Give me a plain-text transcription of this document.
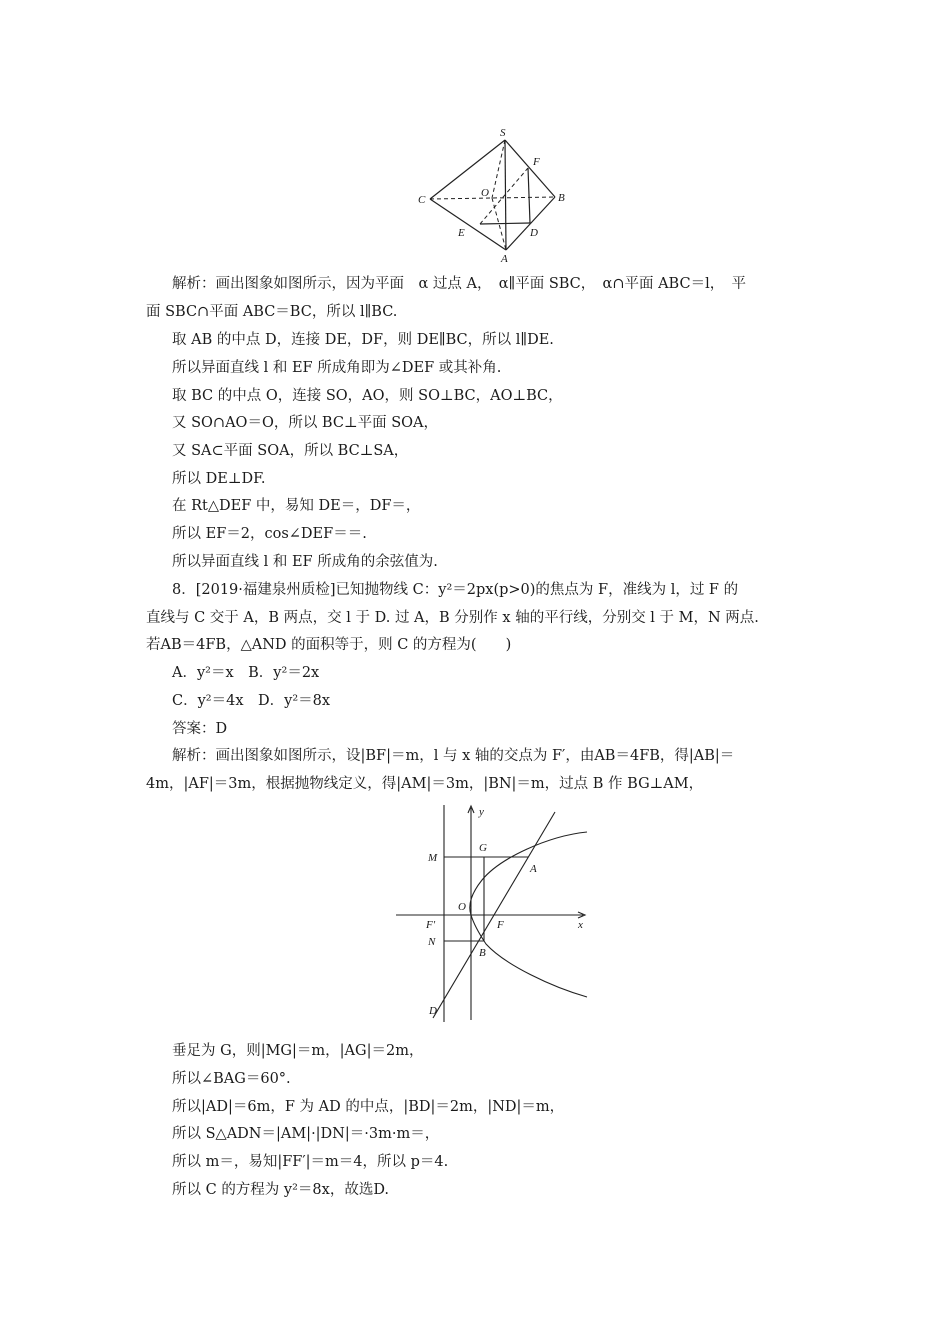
S
F
O
C	B
E	D
A
y
x
M
G
A
O
F
F′
N
B
D
解析：画出图象如图所示，因为平面　α 过点 A，　α∥平面 SBC，　α∩平面 ABC＝l，　平
面 SBC∩平面 ABC＝BC，所以 l∥BC.
取 AB 的中点 D，连接 DE，DF，则 DE∥BC，所以 l∥DE.
所以异面直线 l 和 EF 所成角即为∠DEF 或其补角.
取 BC 的中点 O，连接 SO，AO，则 SO⊥BC，AO⊥BC，
又 SO∩AO＝O，所以 BC⊥平面 SOA，
又 SA⊂平面 SOA，所以 BC⊥SA，
所以 DE⊥DF.
在 Rt△DEF 中，易知 DE＝，DF＝，
所以 EF＝2，cos∠DEF＝＝.
所以异面直线 l 和 EF 所成角的余弦值为.
8．[2019·福建泉州质检]已知抛物线 C：y²＝2px(p>0)的焦点为 F，准线为 l，过 F 的
直线与 C 交于 A，B 两点，交 l 于 D. 过 A，B 分别作 x 轴的平行线，分别交 l 于 M，N 两点.
若AB＝4FB，△AND 的面积等于，则 C 的方程为(　　)
A．y²＝x　B．y²＝2x
C．y²＝4x　D．y²＝8x
答案：D
解析：画出图象如图所示，设|BF|＝m，l 与 x 轴的交点为 F′，由AB＝4FB，得|AB|＝
4m，|AF|＝3m，根据抛物线定义，得|AM|＝3m，|BN|＝m，过点 B 作 BG⊥AM，
垂足为 G，则|MG|＝m，|AG|＝2m，
所以∠BAG＝60°.
所以|AD|＝6m，F 为 AD 的中点，|BD|＝2m，|ND|＝m，
所以 S△ADN＝|AM|·|DN|＝·3m·m＝，
所以 m＝，易知|FF′|＝m＝4，所以 p＝4.
所以 C 的方程为 y²＝8x，故选D.
